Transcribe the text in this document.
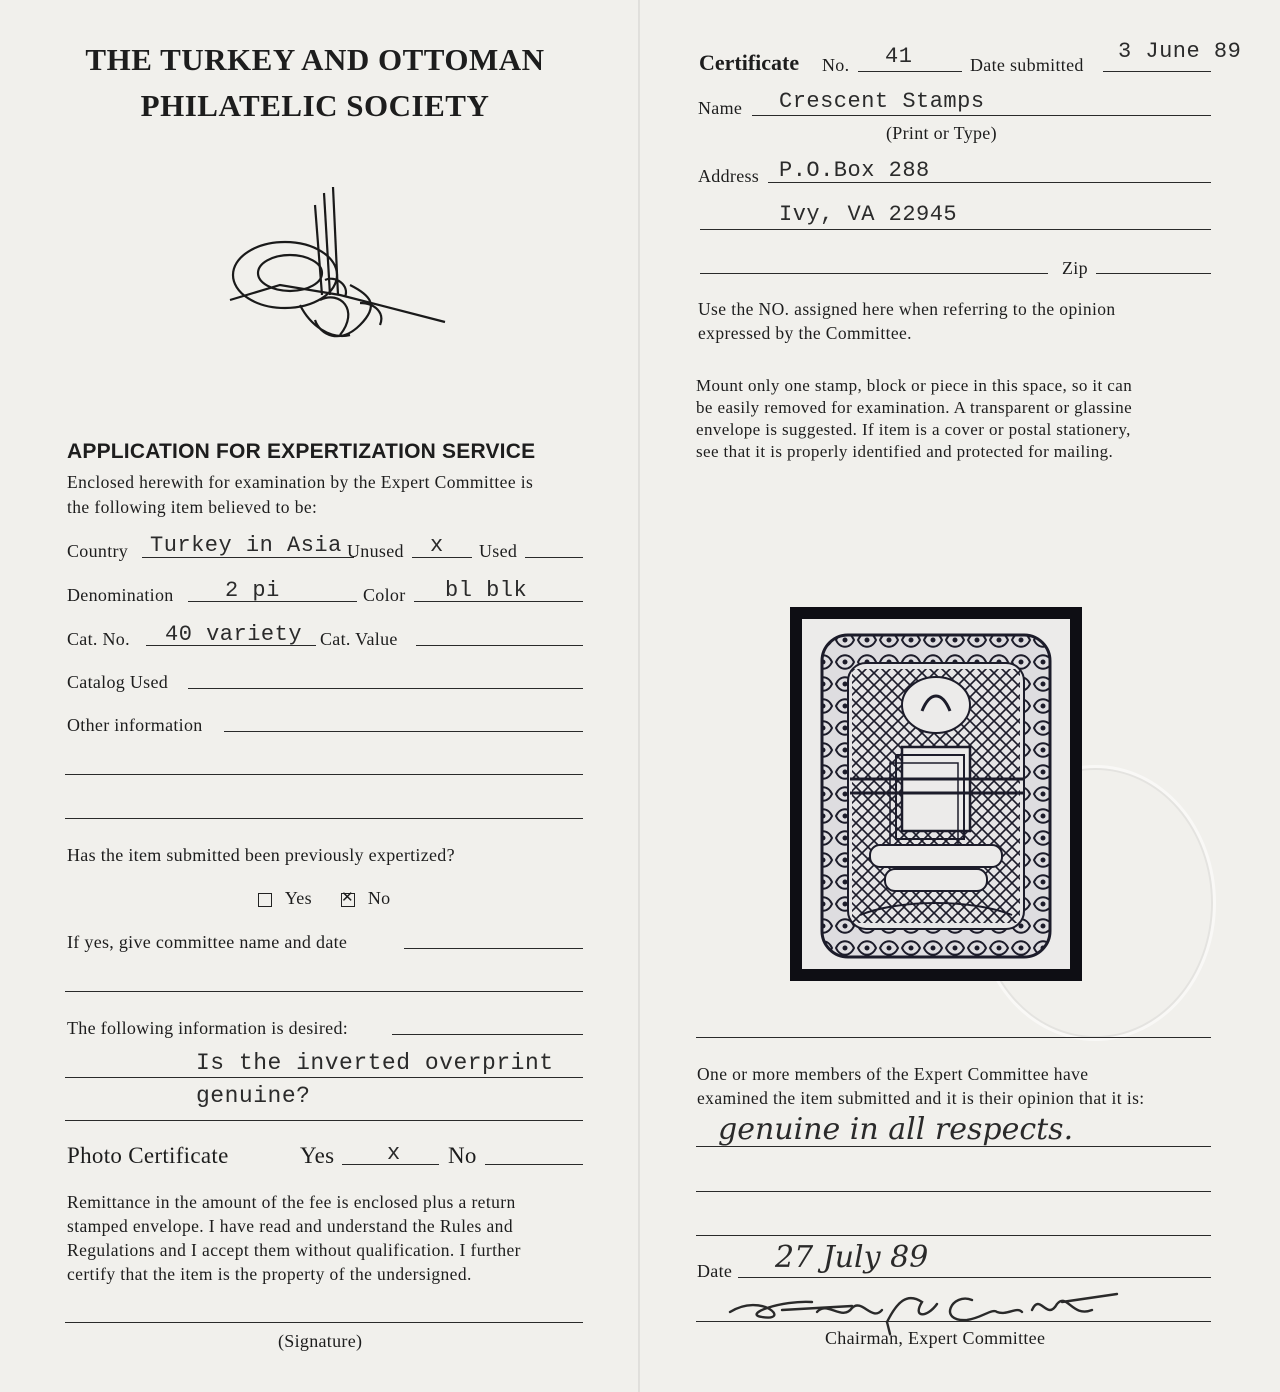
THE TURKEY AND OTTOMAN
PHILATELIC SOCIETY
APPLICATION FOR EXPERTIZATION SERVICE
Enclosed herewith for examination by the Expert Committee is
the following item believed to be:
Country Turkey in Asia Unused x Used
Denomination 2 pi	Color bl blk
Cat. No. 40 variety Cat. Value
Catalog Used
Other information
Has the item submitted been previously expertized?
Yes
✕	No
If yes, give committee name and date
The following information is desired:
Is the inverted overprint
genuine?
Photo Certificate	Yes x No
Remittance in the amount of the fee is enclosed plus a return
stamped envelope. I have read and understand the Rules and
Regulations and I accept them without qualification. I further
certify that the item is the property of the undersigned.
(Signature)
Certificate No. 41	Date submitted
3 June 89
Name Crescent Stamps
(Print or Type)
Address P.O.Box 288
Ivy, VA 22945
Zip
Use the NO. assigned here when referring to the opinion
expressed by the Committee.
Mount only one stamp, block or piece in this space, so it can
be easily removed for examination. A transparent or glassine
envelope is suggested. If item is a cover or postal stationery,
see that it is properly identified and protected for mailing.
One or more members of the Expert Committee have
examined the item submitted and it is their opinion that it is:
genuine in all respects.
Date 27 July 89
Chairman, Expert Committee
